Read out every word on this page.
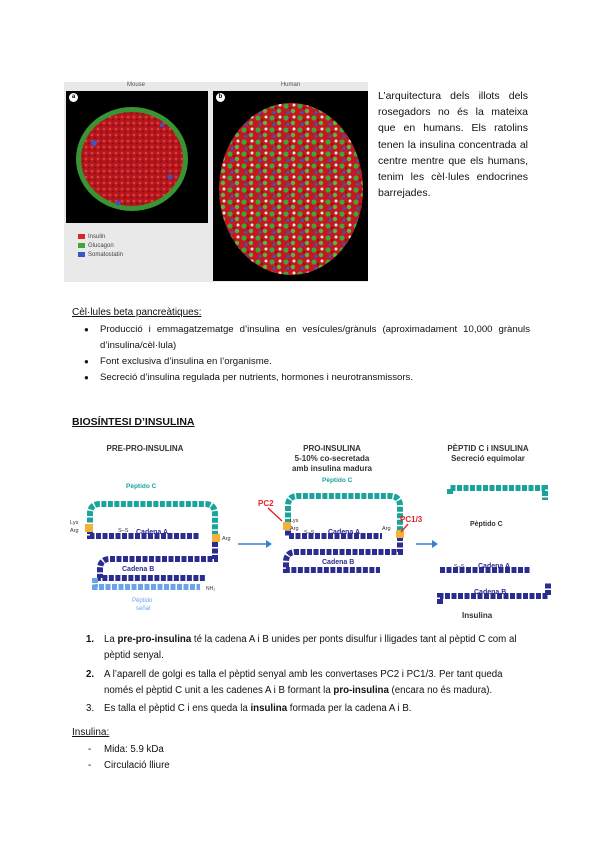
Mouse	Human
a	b
Insulin
Glucagon
Somatostatin
L’arquitectura dels illots dels rosegadors no és la mateixa que en humans. Els ratolins tenen la insulina concentrada al centre mentre que els humans, tenim les cèl·lules endocrines barrejades.
Cèl·lules beta pancreàtiques:
● Producció i emmagatzematge d’insulina en vesícules/grànuls (aproximadament 10,000 grànuls d’insulina/cèl·lula)
● Font exclusiva d’insulina en l’organisme.
● Secreció d’insulina regulada per nutrients, hormones i neurotransmissors.
BIOSÍNTESI D’INSULINA
PRE-PRO-INSULINA	PRO-INSULINA
5-10% co-secretada
amb insulina madura
PÈPTID C i INSULINA
Secreció equimolar
Pèptido C
Cadena A
Cadena B
S–S
Lys
Arg
Arg
NH₂
Péptido
señal
Pèptido C
Cadena A
Cadena B
S–S
Lys
Arg	Arg
PC2
PC1/3
Pèptido C
Cadena A
Cadena B
S–S
Insulina
1. La pre-pro-insulina té la cadena A i B unides per ponts disulfur i lligades tant al pèptid C com al pèptid senyal.
2. A l’aparell de golgi es talla el pèptid senyal amb les convertases PC2 i PC1/3. Per tant queda només el pèptid C unit a les cadenes A i B formant la pro-insulina (encara no és madura).
3. Es talla el pèptid C i ens queda la insulina formada per la cadena A i B.
Insulina:
- Mida: 5.9 kDa
- Circulació lliure
